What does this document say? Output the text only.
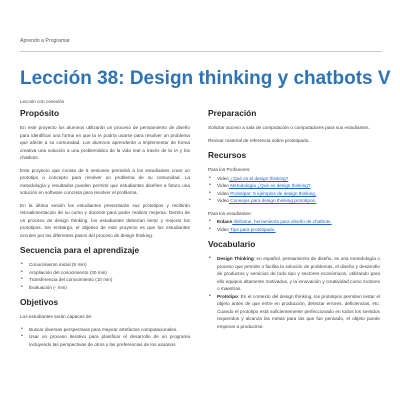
Aprendo a Programar
Lección 38: Design thinking y chatbots V
Lección con conexión
Propósito

En este proyecto los alumnos utilizarán un proceso de pensamiento de diseño para identificar una forma en que la IA podría usarse para resolver un problema que afecte a su comunidad. Los alumnos aprenderán a implementar de forma creativa una solución a una problemática de la vida real a través de la IA y los chatbots.

Este proyecto que consta de 5 sesiones permitirá a los estudiantes crear un prototipo o concepto para resolver un problema de su comunidad. La metodología y resultados pueden permitir que estudiantes diseñen a futuro una solución en software concreta para resolver el problema.

En la última sesión los estudiantes presentarán sus prototipos y recibirán retroalimentación de su curso y docente para poder realizar mejoras. Dentro de un proceso de design thinking, los estudiantes deberían iterar y mejorar los prototipos. Sin embargo, el objetivo de este proyecto es que los estudiantes circulen por los diferentes pasos del proceso de design thinking.

Secuencia para el aprendizaje
• Conocimiento inicial (5 min)
• Ampliación del conocimiento (30 min)
• Transferencia del conocimiento (10 min)
• Evaluación (- min)
Objetivos

Los estudiantes serán capaces de:

• Buscar diversas perspectivas para mejorar artefactos computacionales.
• Usar un proceso iterativo para planificar el desarrollo de un programa incluyendo las perspectivas de otros y las preferencias de los usuarios.
Preparación

Solicitar acceso a sala de computación o computadores para sus estudiantes.

Revisar material de referencia sobre prototipado.

Recursos

Para los Profesores:

• Video ¿Qué es el design thinking?
• Video Metodología ¿Qué es design thinking?
• Video Prototipar: 5 ejemplos de design thinking.
• Video Consejos para design thinking prototipos.

Para los estudiantes:

• Enlace Ilinframe, herramienta para diseño de chatbots.
• Video Tips para prototipado.
Vocabulario
• Design Thinking: en español, pensamiento de diseño, es una metodología o proceso que permite o facilita la solución de problemas, el diseño y desarrollo de productos y servicios de todo tipo y sectores económicos, utilizando para ello equipos altamente motivados, y la innovación y creatividad como motores o maestras.
• Prototipo: En el contexto del design thinking, los prototipos permiten testar el objeto antes de que entre en producción, detectar errores, deficiencias, etc. Cuando el prototipo está suficientemente perfeccionado en todos los sentidos requeridos y alcanza las metas para las que fue pensado, el objeto puede empezar a producirse.
